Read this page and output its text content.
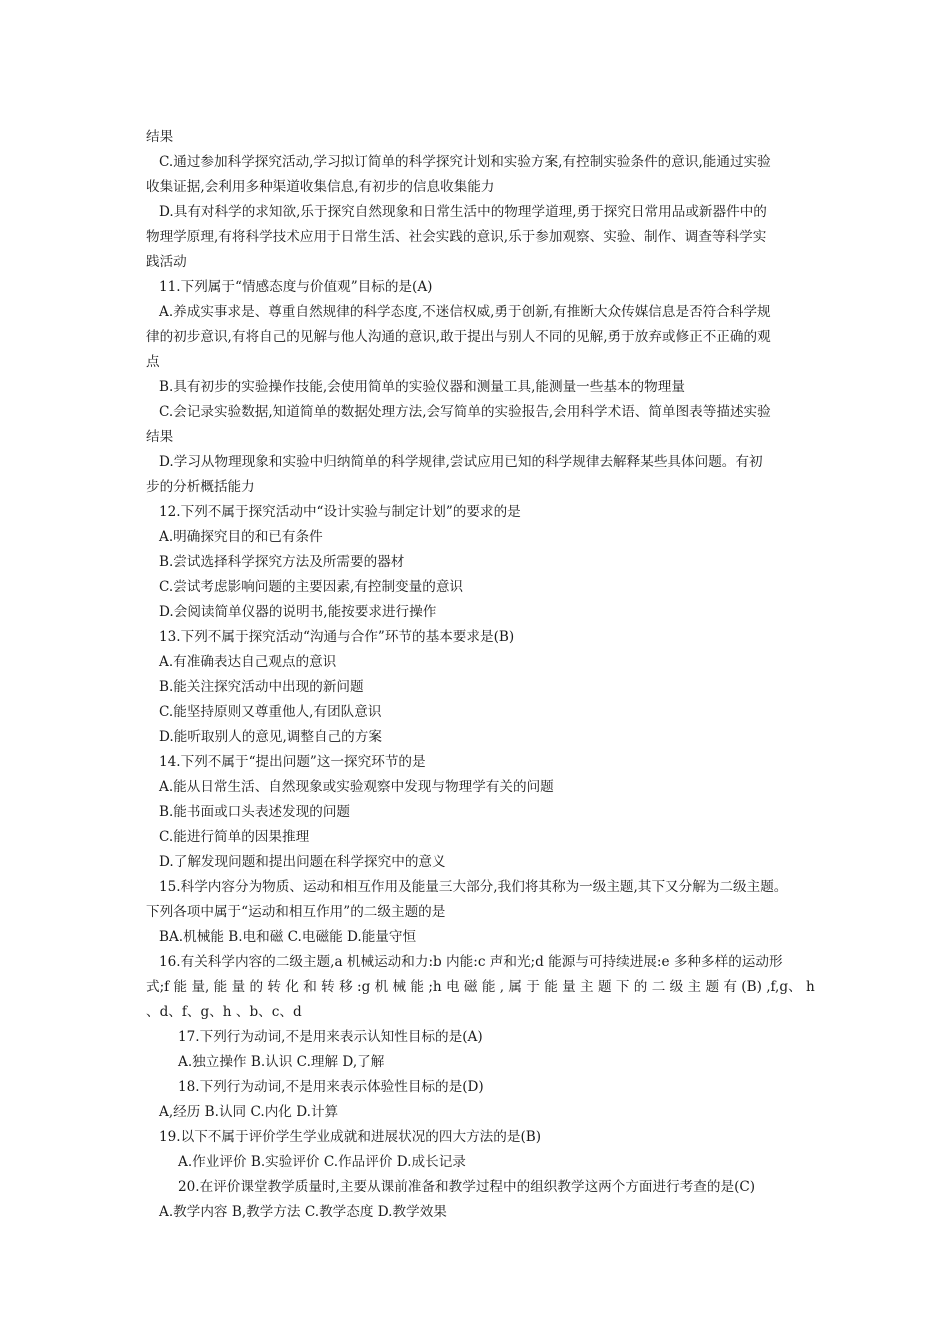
结果
C.通过参加科学探究活动,学习拟订简单的科学探究计划和实验方案,有控制实验条件的意识,能通过实验
收集证据,会利用多种渠道收集信息,有初步的信息收集能力
D.具有对科学的求知欲,乐于探究自然现象和日常生活中的物理学道理,勇于探究日常用品或新器件中的
物理学原理,有将科学技术应用于日常生活、社会实践的意识,乐于参加观察、实验、制作、调查等科学实
践活动
11.下列属于“情感态度与价值观”目标的是(A)
A.养成实事求是、尊重自然规律的科学态度,不迷信权威,勇于创新,有推断大众传媒信息是否符合科学规
律的初步意识,有将自己的见解与他人沟通的意识,敢于提出与别人不同的见解,勇于放弃或修正不正确的观
点
B.具有初步的实验操作技能,会使用简单的实验仪器和测量工具,能测量一些基本的物理量
C.会记录实验数据,知道简单的数据处理方法,会写简单的实验报告,会用科学术语、简单图表等描述实验
结果
D.学习从物理现象和实验中归纳简单的科学规律,尝试应用已知的科学规律去解释某些具体问题。有初
步的分析概括能力
12.下列不属于探究活动中“设计实验与制定计划”的要求的是
A.明确探究目的和已有条件
B.尝试选择科学探究方法及所需要的器材
C.尝试考虑影响问题的主要因素,有控制变量的意识
D.会阅读简单仪器的说明书,能按要求进行操作
13.下列不属于探究活动“沟通与合作”环节的基本要求是(B)
A.有准确表达自己观点的意识
B.能关注探究活动中出现的新问题
C.能坚持原则又尊重他人,有团队意识
D.能听取别人的意见,调整自己的方案
14.下列不属于“提出问题”这一探究环节的是
A.能从日常生活、自然现象或实验观察中发现与物理学有关的问题
B.能书面或口头表述发现的问题
C.能进行简单的因果推理
D.了解发现问题和提出问题在科学探究中的意义
15.科学内容分为物质、运动和相互作用及能量三大部分,我们将其称为一级主题,其下又分解为二级主题。
下列各项中属于“运动和相互作用”的二级主题的是
BA.机械能 B.电和磁 C.电磁能 D.能量守恒
16.有关科学内容的二级主题,a 机械运动和力:b 内能:c 声和光;d 能源与可持续进展:e 多种多样的运动形
式;f 能 量, 能 量 的 转 化 和 转 移 :g 机 械 能 ;h 电 磁 能 , 属 于 能 量 主 题 下 的 二 级 主 题 有 (B) ,f,g、 h
、d、f、g、h 、b、c、d
17.下列行为动词,不是用来表示认知性目标的是(A)
A.独立操作 B.认识 C.理解 D,了解
18.下列行为动词,不是用来表示体验性目标的是(D)
A,经历 B.认同 C.内化 D.计算
19.以下不属于评价学生学业成就和进展状况的四大方法的是(B)
A.作业评价 B.实验评价 C.作品评价 D.成长记录
20.在评价课堂教学质量时,主要从课前准备和教学过程中的组织教学这两个方面进行考查的是(C)
A.教学内容 B,教学方法 C.教学态度 D.教学效果
